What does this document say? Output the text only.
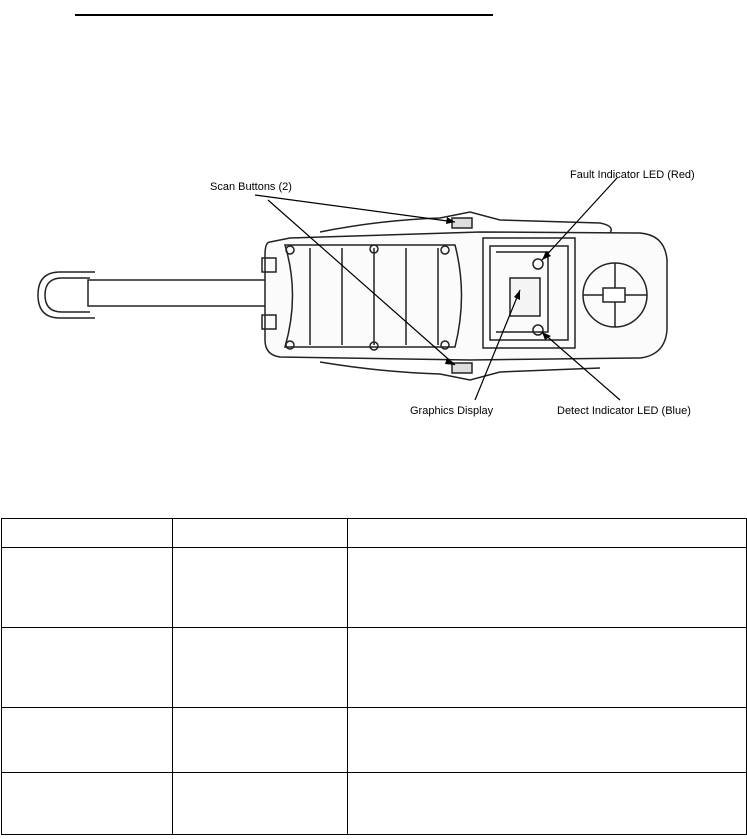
Scan Buttons (2)
Fault Indicator LED (Red)
Graphics Display	Detect Indicator LED (Blue)
